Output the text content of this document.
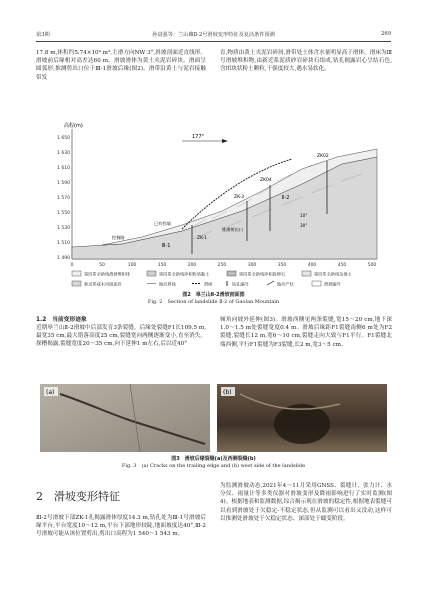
第3期	孙富强等：兰山藏Ⅱ-2号滑坡变形特征及复活条件预测	269
17.8 m,体积约5.74×10⁴ m³,主滑方向NW 3°,斜坡剖面近直线形。滑坡前后缘相对高差达60 m。滑坡滑体为黄土夹泥岩碎块。滑面呈圆弧形,推测剪出口位于Ⅲ-1滑坡后缘(图2)。滑带沿黄土与泥岩接触带发
育,物质由黄土夹泥岩碎屑,滑带处土体含水量明显高于滑体。滑床为Ⅲ号滑坡堆积物,由新近系泥质砂岩碎块石组成,钻孔揭露岩心呈结石色,含团块状粉土颗粒,干强度较大,遇水易软化。
高程(m)
1 650
1 630
1 610
1 590
1 570
1 550
1 530
1 510
1 490
0	50	100	150	200	250	300	350	400	450	500
177°
ZK02
ZK04
ZK-3
ZK-1
推测剪出口
已有挡墙
挖掘路
Ⅱ-2
Ⅲ-1
10°
30°
第四系全新统滑坡堆积体	第四系全新统冲积粉质黏土	第四系全新统冲积砾卵石	第四系全新统杂填土
新近系咸水河组泥岩	地层界线	滑面	钻孔编号	地层产状	滑坡编号
图2　皋兰山Ⅱ-2滑坡剖面图
Fig. 2　Section of landslide Ⅱ-2 of Gaolan Mountain
1.2　当前变形迹象
近期皋兰山Ⅱ-2滑坡中后部发育3条裂缝。后缘处裂缝F1长109.5 m,最宽35 cm,最大错落高度25 cm,裂缝宽向两侧逐渐变小,直至消失。探槽揭露,裂缝宽度20～35 cm,向下延伸1 m左右,后以近40°
倾角向坡外延伸(图3)。滑坡西侧见两条裂缝,宽15～20 cm,地下深1.0～1.5 m处裂缝宽度0.4 m。滑坡后缘距F1裂缝南侧6 m处为F2裂缝,裂缝长12 m,宽6～10 cm,裂缝走向大致与F1平行。F1裂缝北端西侧,平行F1裂缝为F3裂缝,长2 m,宽3～5 cm。
(a)	(b)
图3　滑坡后缘裂缝(a)及西侧裂缝(b)
Fig. 3　(a) Cracks on the trailing edge and (b) west side of the landslide
2　滑坡变形特征
Ⅲ-2号滑坡下部ZK-1孔揭露滑体厚度14.3 m,钻孔处为Ⅲ-1号滑坡后缘平台,平台宽度10～12 m,平台下部地形较陡,地面坡度达40°,Ⅲ-2号滑坡可能从该位置剪出,剪出口高程为1 540～1 543 m。
为监测滑坡动态,2021年4～11月采用GNSS、裂缝计、张力计、水分仪、雨量计等多类仪器对滑坡变形及降雨影响进行了实时监测(图4)。根据地表和监测数据,综合揭示现在滑坡的稳定性,根据地表裂缝可以看到滑坡处于欠稳定-不稳定状态,但从监测可以看出又没动,这样可以推测处滑坡处于欠稳定状态、深部处于蠕变阶段。
